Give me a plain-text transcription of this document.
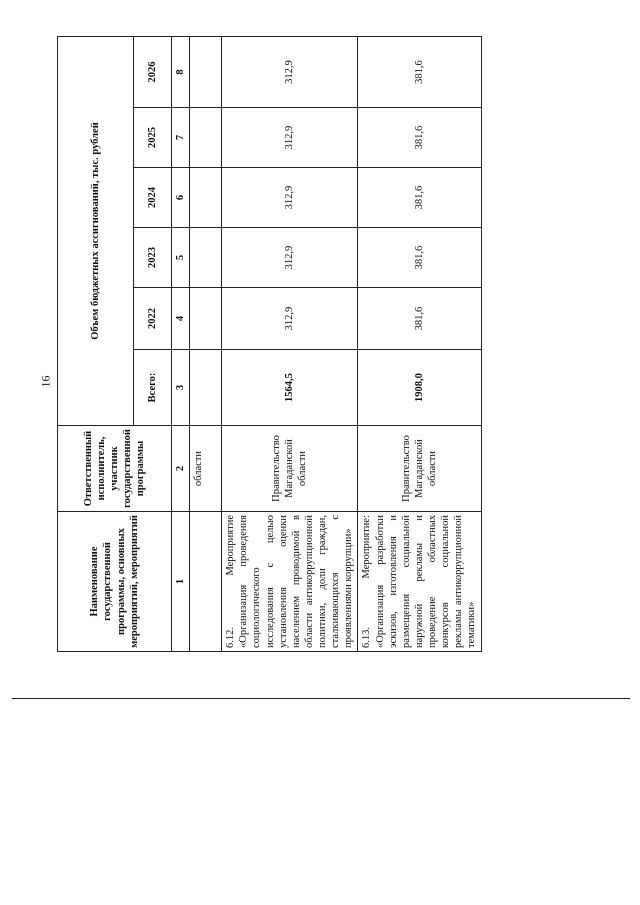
16
Наименование государственной программы, основных мероприятий, мероприятий	Ответственный исполнитель, участник государственной программы	Объем бюджетных ассигнований, тыс. рублей					
		Всего:	2022	2023	2024	2025	2026
1	2	3	4	5	6	7	8
	области						
6.12. Мероприятие «Организация проведения социологического исследования с целью установления оценки населением проводимой в области антикоррупционной политики, доли граждан, сталкивающихся с проявлениями коррупции»	Правительство Магаданской области	1564,5	312,9	312,9	312,9	312,9	312,9
6.13. Мероприятие: «Организация разработки эскизов, изготовления и размещения социальной наружной рекламы и проведение областных конкурсов социальной рекламы антикоррупционной тематики»	Правительство Магаданской области	1908,0	381,6	381,6	381,6	381,6	381,6
